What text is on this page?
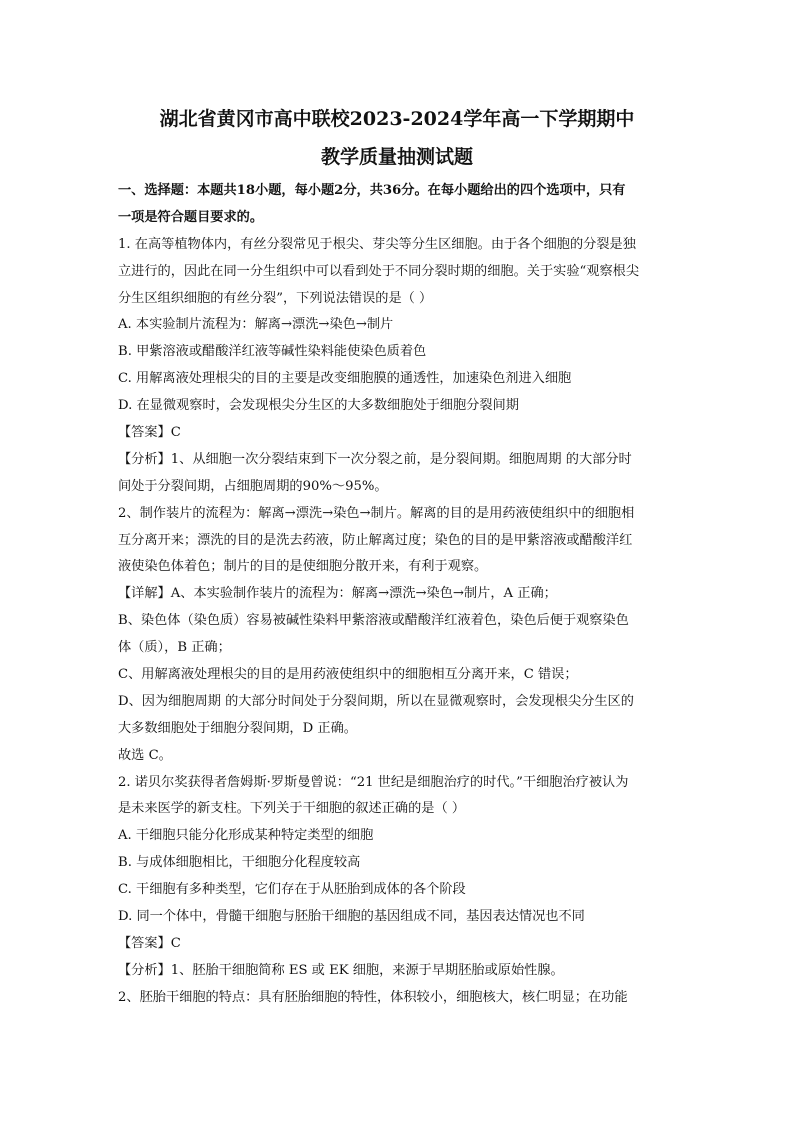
湖北省黄冈市高中联校2023-2024学年高一下学期期中
教学质量抽测试题
一、选择题：本题共18小题，每小题2分，共36分。在每小题给出的四个选项中，只有
一项是符合题目要求的。
1. 在高等植物体内，有丝分裂常见于根尖、芽尖等分生区细胞。由于各个细胞的分裂是独
立进行的，因此在同一分生组织中可以看到处于不同分裂时期的细胞。关于实验“观察根尖
分生区组织细胞的有丝分裂”，下列说法错误的是（ ）
A. 本实验制片流程为：解离→漂洗→染色→制片
B. 甲紫溶液或醋酸洋红液等碱性染料能使染色质着色
C. 用解离液处理根尖的目的主要是改变细胞膜的通透性，加速染色剂进入细胞
D. 在显微观察时，会发现根尖分生区的大多数细胞处于细胞分裂间期
【答案】C
【分析】1、从细胞一次分裂结束到下一次分裂之前，是分裂间期。细胞周期 的大部分时
间处于分裂间期，占细胞周期的90%～95%。
2、制作装片的流程为：解离→漂洗→染色→制片。解离的目的是用药液使组织中的细胞相
互分离开来；漂洗的目的是洗去药液，防止解离过度；染色的目的是甲紫溶液或醋酸洋红
液使染色体着色；制片的目的是使细胞分散开来，有利于观察。
【详解】A、本实验制作装片的流程为：解离→漂洗→染色→制片，A 正确；
B、染色体（染色质）容易被碱性染料甲紫溶液或醋酸洋红液着色，染色后便于观察染色
体（质），B 正确；
C、用解离液处理根尖的目的是用药液使组织中的细胞相互分离开来，C 错误；
D、因为细胞周期 的大部分时间处于分裂间期，所以在显微观察时，会发现根尖分生区的
大多数细胞处于细胞分裂间期，D 正确。
故选 C。
2. 诺贝尔奖获得者詹姆斯·罗斯曼曾说：“21 世纪是细胞治疗的时代。”干细胞治疗被认为
是未来医学的新支柱。下列关于干细胞的叙述正确的是（ ）
A. 干细胞只能分化形成某种特定类型的细胞
B. 与成体细胞相比，干细胞分化程度较高
C. 干细胞有多种类型，它们存在于从胚胎到成体的各个阶段
D. 同一个体中，骨髓干细胞与胚胎干细胞的基因组成不同，基因表达情况也不同
【答案】C
【分析】1、胚胎干细胞简称 ES 或 EK 细胞，来源于早期胚胎或原始性腺。
2、胚胎干细胞的特点：具有胚胎细胞的特性，体积较小，细胞核大，核仁明显；在功能
